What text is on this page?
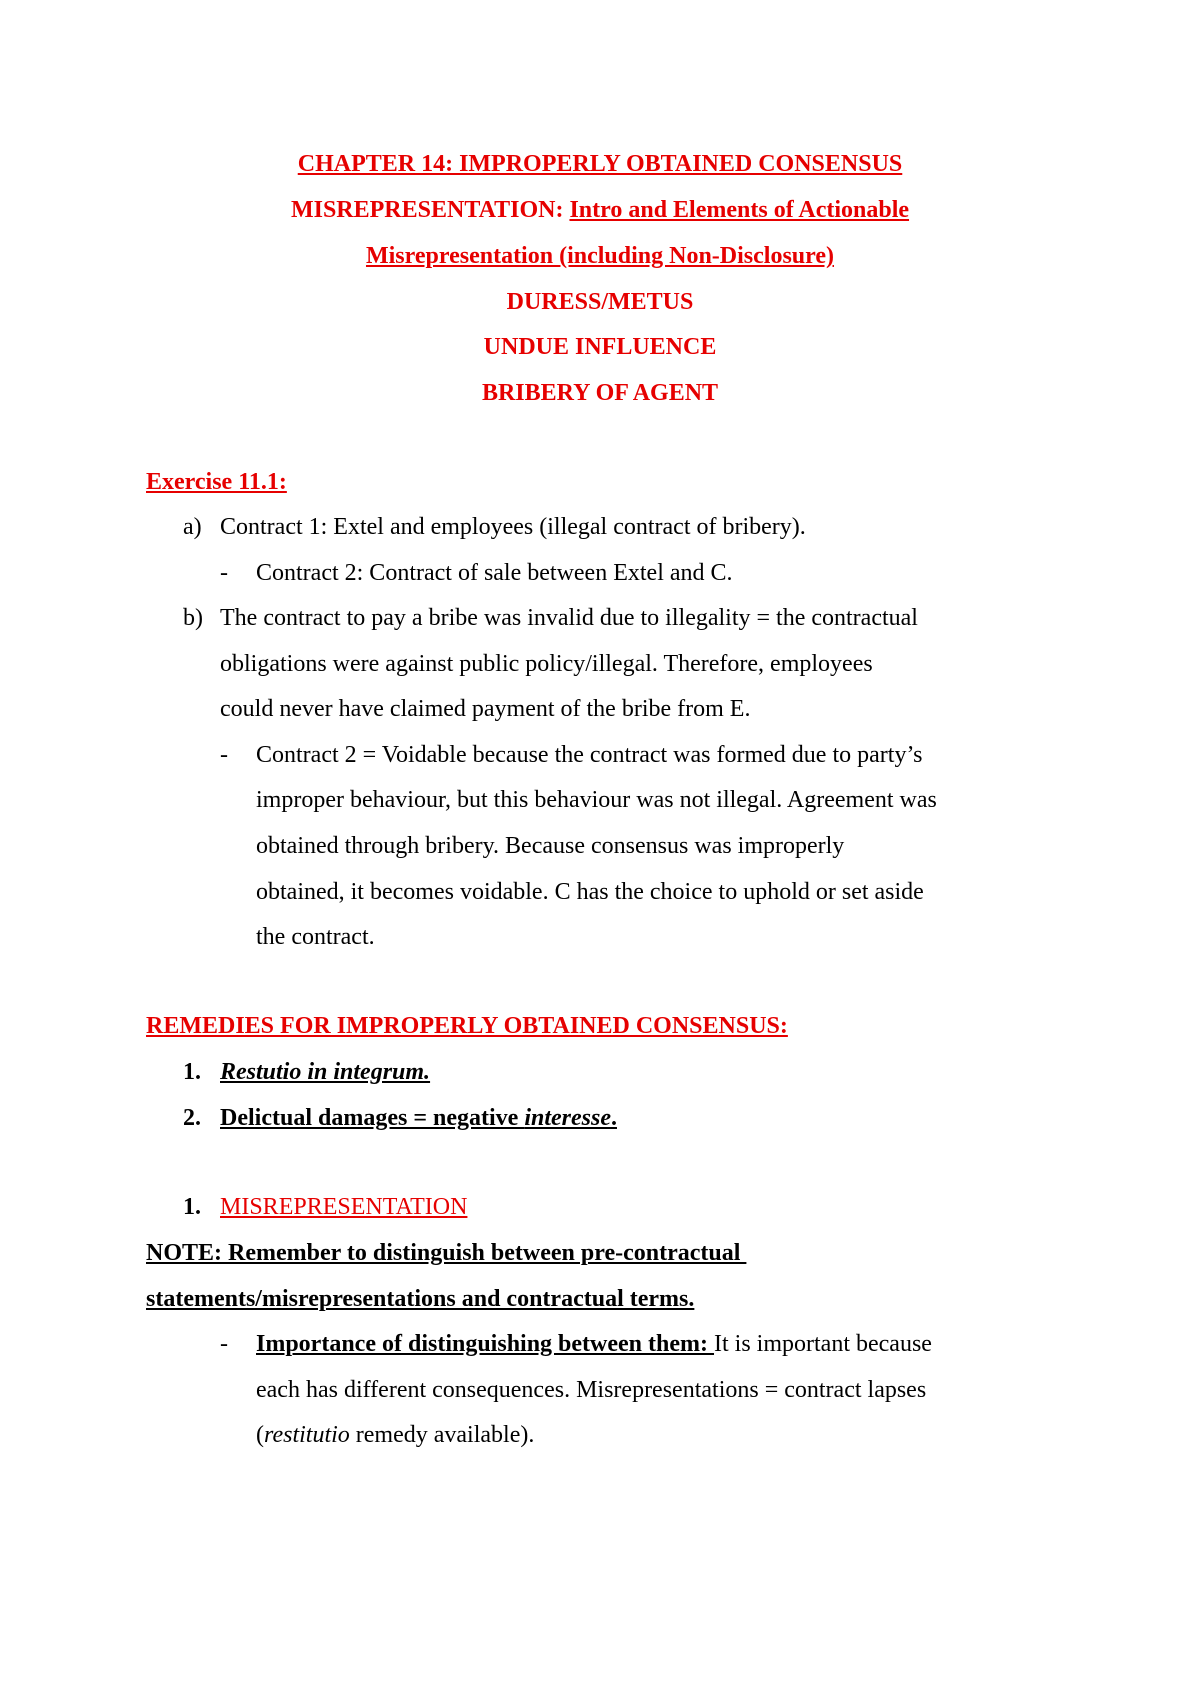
CHAPTER 14: IMPROPERLY OBTAINED CONSENSUS
MISREPRESENTATION: Intro and Elements of Actionable
Misrepresentation (including Non-Disclosure)
DURESS/METUS
UNDUE INFLUENCE
BRIBERY OF AGENT
Exercise 11.1:
a) Contract 1: Extel and employees (illegal contract of bribery).
- Contract 2: Contract of sale between Extel and C.
b) The contract to pay a bribe was invalid due to illegality = the contractual
obligations were against public policy/illegal. Therefore, employees
could never have claimed payment of the bribe from E.
- Contract 2 = Voidable because the contract was formed due to party’s
improper behaviour, but this behaviour was not illegal. Agreement was
obtained through bribery. Because consensus was improperly
obtained, it becomes voidable. C has the choice to uphold or set aside
the contract.
REMEDIES FOR IMPROPERLY OBTAINED CONSENSUS:
1. Restutio in integrum.
2. Delictual damages = negative interesse.
1. MISREPRESENTATION
NOTE: Remember to distinguish between pre-contractual
statements/misrepresentations and contractual terms.
- Importance of distinguishing between them: It is important because
each has different consequences. Misrepresentations = contract lapses
(restitutio remedy available).
